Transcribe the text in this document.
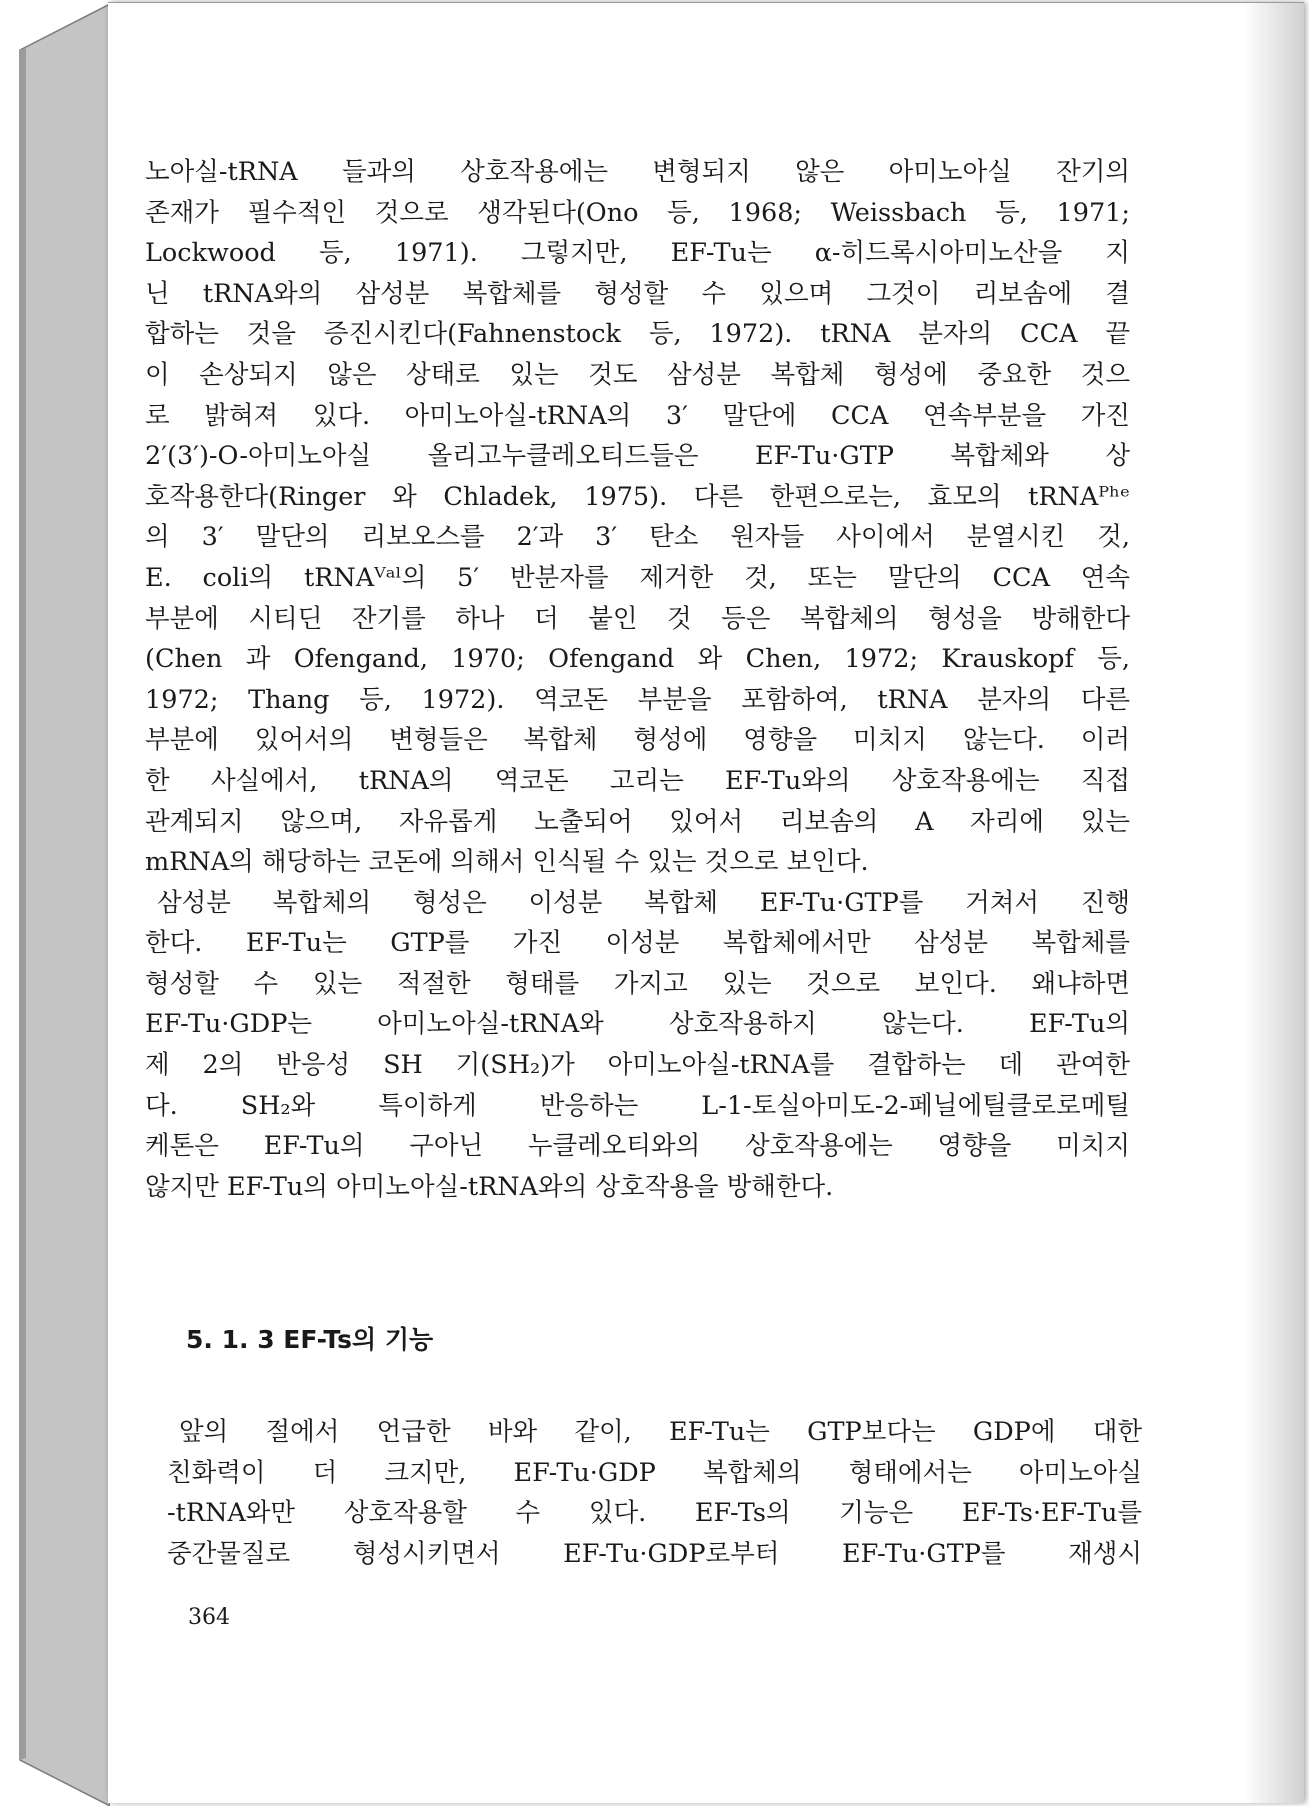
노아실-tRNA 들과의 상호작용에는 변형되지 않은 아미노아실 잔기의
존재가 필수적인 것으로 생각된다(Ono 등, 1968; Weissbach 등, 1971;
Lockwood 등, 1971). 그렇지만, EF-Tu는 α-히드록시아미노산을 지
닌 tRNA와의 삼성분 복합체를 형성할 수 있으며 그것이 리보솜에 결
합하는 것을 증진시킨다(Fahnenstock 등, 1972). tRNA 분자의 CCA 끝
이 손상되지 않은 상태로 있는 것도 삼성분 복합체 형성에 중요한 것으
로 밝혀져 있다. 아미노아실-tRNA의 3′ 말단에 CCA 연속부분을 가진
2′(3′)-O-아미노아실 올리고누클레오티드들은 EF-Tu·GTP 복합체와 상
호작용한다(Ringer 와 Chladek, 1975). 다른 한편으로는, 효모의 tRNAᴾʰᵉ
의 3′ 말단의 리보오스를 2′과 3′ 탄소 원자들 사이에서 분열시킨 것,
E. coli의 tRNAⱽᵃˡ의 5′ 반분자를 제거한 것, 또는 말단의 CCA 연속
부분에 시티딘 잔기를 하나 더 붙인 것 등은 복합체의 형성을 방해한다
(Chen 과 Ofengand, 1970; Ofengand 와 Chen, 1972; Krauskopf 등,
1972; Thang 등, 1972). 역코돈 부분을 포함하여, tRNA 분자의 다른
부분에 있어서의 변형들은 복합체 형성에 영향을 미치지 않는다. 이러
한 사실에서, tRNA의 역코돈 고리는 EF-Tu와의 상호작용에는 직접
관계되지 않으며, 자유롭게 노출되어 있어서 리보솜의 A 자리에 있는
mRNA의 해당하는 코돈에 의해서 인식될 수 있는 것으로 보인다.
삼성분 복합체의 형성은 이성분 복합체 EF-Tu·GTP를 거쳐서 진행
한다. EF-Tu는 GTP를 가진 이성분 복합체에서만 삼성분 복합체를
형성할 수 있는 적절한 형태를 가지고 있는 것으로 보인다. 왜냐하면
EF-Tu·GDP는 아미노아실-tRNA와 상호작용하지 않는다. EF-Tu의
제 2의 반응성 SH 기(SH₂)가 아미노아실-tRNA를 결합하는 데 관여한
다. SH₂와 특이하게 반응하는 L-1-토실아미도-2-페닐에틸클로로메틸
케톤은 EF-Tu의 구아닌 누클레오티와의 상호작용에는 영향을 미치지
않지만 EF-Tu의 아미노아실-tRNA와의 상호작용을 방해한다.
5. 1. 3 EF-Ts의 기능
앞의 절에서 언급한 바와 같이, EF-Tu는 GTP보다는 GDP에 대한
친화력이 더 크지만, EF-Tu·GDP 복합체의 형태에서는 아미노아실
-tRNA와만 상호작용할 수 있다. EF-Ts의 기능은 EF-Ts·EF-Tu를
중간물질로 형성시키면서 EF-Tu·GDP로부터 EF-Tu·GTP를 재생시
364
